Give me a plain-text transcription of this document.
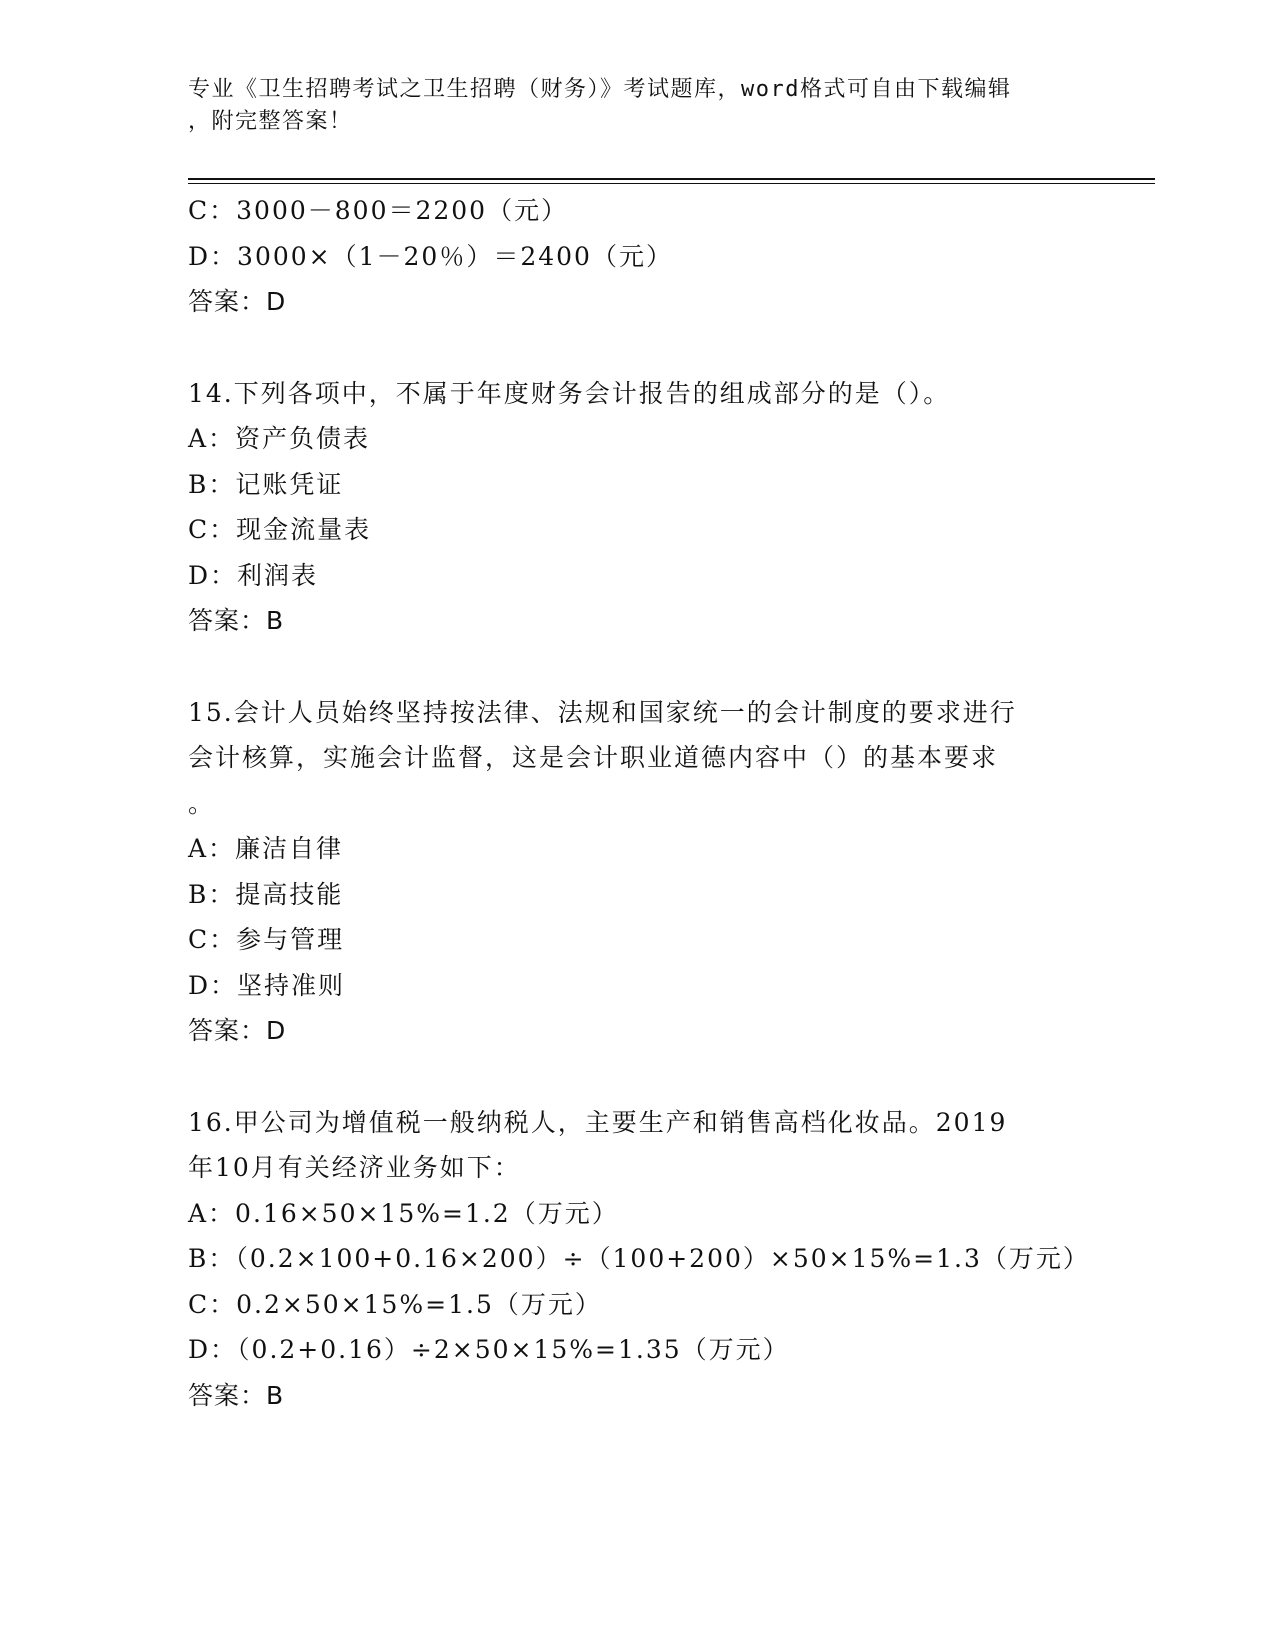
专业《卫生招聘考试之卫生招聘（财务）》考试题库，word格式可自由下载编辑
，附完整答案！
C：3000－800＝2200（元）
D：3000×（1－20％）＝2400（元）
答案：D
14.下列各项中，不属于年度财务会计报告的组成部分的是（）。
A：资产负债表
B：记账凭证
C：现金流量表
D：利润表
答案：B
15.会计人员始终坚持按法律、法规和国家统一的会计制度的要求进行
会计核算，实施会计监督，这是会计职业道德内容中（）的基本要求
。
A：廉洁自律
B：提高技能
C：参与管理
D：坚持准则
答案：D
16.甲公司为增值税一般纳税人，主要生产和销售高档化妆品。2019
年10月有关经济业务如下：
A：0.16×50×15%=1.2（万元）
B：（0.2×100+0.16×200）÷（100+200）×50×15%=1.3（万元）
C：0.2×50×15%=1.5（万元）
D：（0.2+0.16）÷2×50×15%=1.35（万元）
答案：B
